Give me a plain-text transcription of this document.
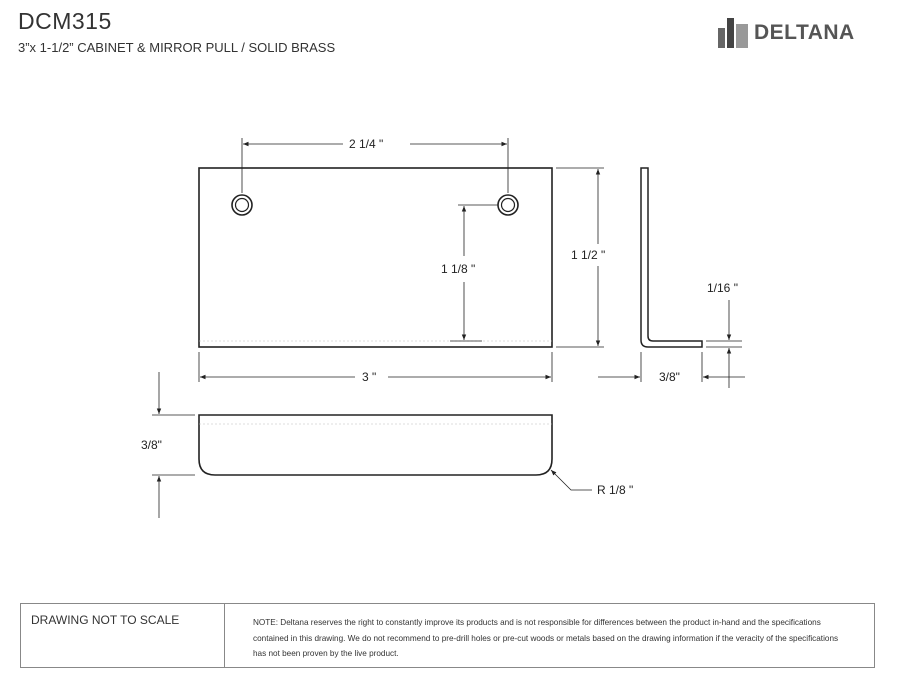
DCM315
3”x 1-1/2” CABINET & MIRROR PULL / SOLID BRASS
DELTANA
2 1/4 "
1 1/8 "
1 1/2 "
3 "
1/16 "
3/8"
3/8"
R 1/8 "
DRAWING NOT TO SCALE	NOTE: Deltana reserves the right to constantly improve its products and is not responsible for differences between the product in-hand and the specifications contained in this drawing. We do not recommend to pre-drill holes or pre-cut woods or metals based on the drawing information if the veracity of the specifications has not been proven by the live product.
